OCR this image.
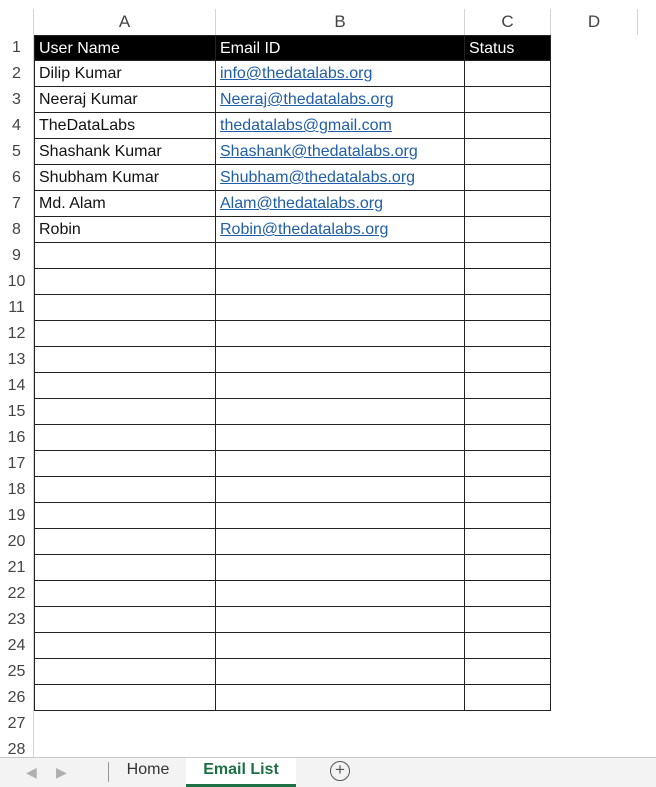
A	B	C	D
1	User Name	Email ID	Status
2	Dilip Kumar	info@thedatalabs.org
3	Neeraj Kumar	Neeraj@thedatalabs.org
4	TheDataLabs	thedatalabs@gmail.com
5	Shashank Kumar	Shashank@thedatalabs.org
6	Shubham Kumar	Shubham@thedatalabs.org
7	Md. Alam	Alam@thedatalabs.org
8	Robin	Robin@thedatalabs.org
9
10
11
12
13
14
15
16
17
18
19
20
21
22
23
24
25
26
27
28
◀ ▶	Home	Email List	+
